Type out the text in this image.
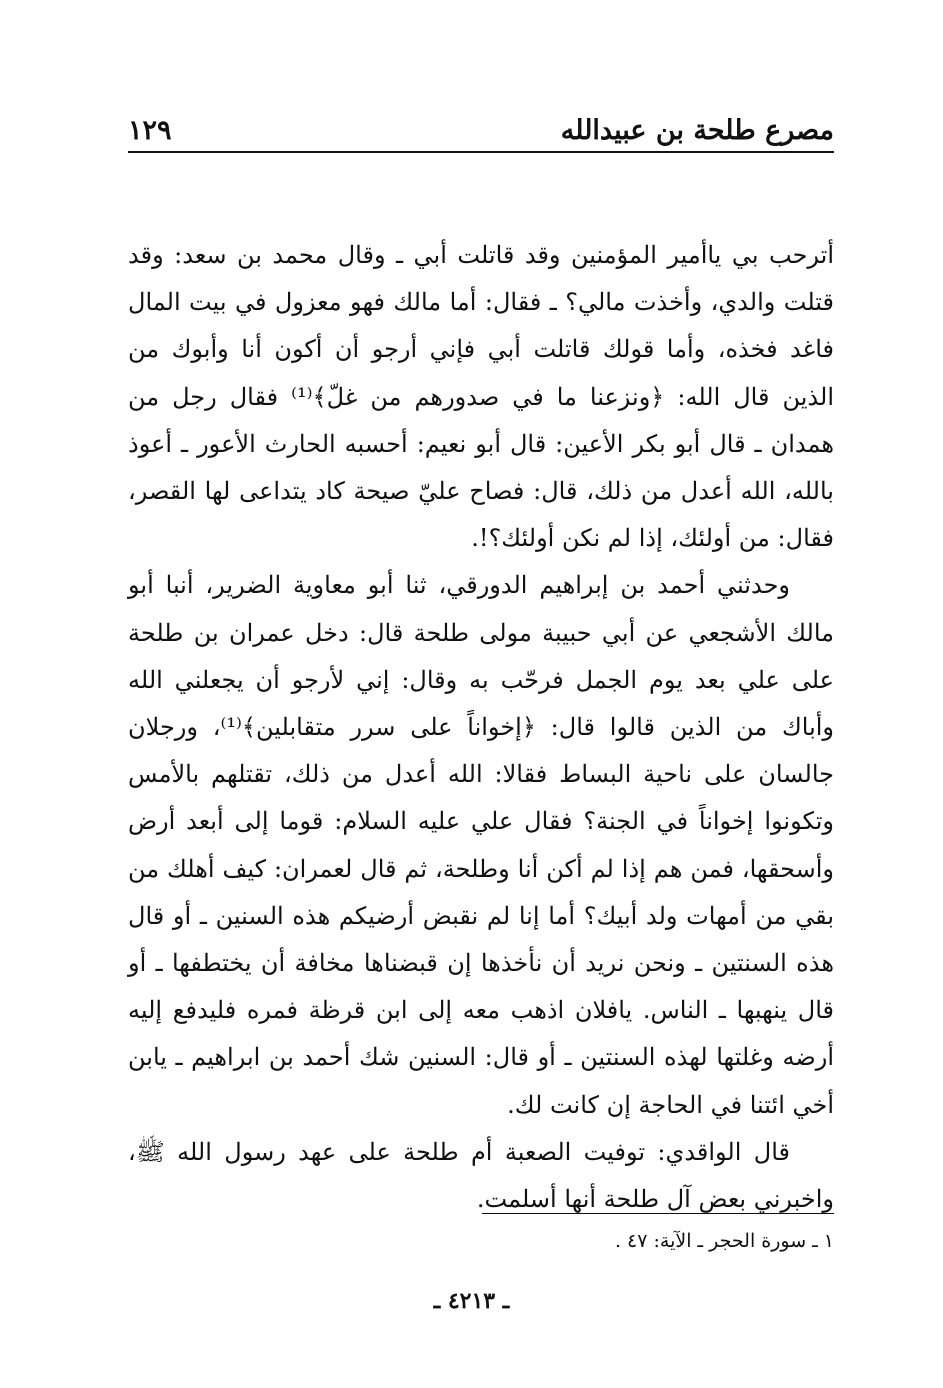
مصرع طلحة بن عبيدالله
١٢٩

أترحب بي ياأمير المؤمنين وقد قاتلت أبي ـ وقال محمد بن سعد: وقد قتلت والدي، وأخذت مالي؟ ـ فقال: أما مالك فهو معزول في بيت المال فاغد فخذه، وأما قولك قاتلت أبي فإني أرجو أن أكون أنا وأبوك من الذين قال الله: ﴿ونزعنا ما في صدورهم من غلّ﴾⁽¹⁾ فقال رجل من همدان ـ قال أبو بكر الأعين: قال أبو نعيم: أحسبه الحارث الأعور ـ أعوذ بالله، الله أعدل من ذلك، قال: فصاح عليّ صيحة كاد يتداعى لها القصر، فقال: من أولئك، إذا لم نكن أولئك؟!.

وحدثني أحمد بن إبراهيم الدورقي، ثنا أبو معاوية الضرير، أنبا أبو مالك الأشجعي عن أبي حبيبة مولى طلحة قال: دخل عمران بن طلحة على علي بعد يوم الجمل فرحّب به وقال: إني لأرجو أن يجعلني الله وأباك من الذين قالوا قال: ﴿إخواناً على سرر متقابلين﴾⁽¹⁾، ورجلان جالسان على ناحية البساط فقالا: الله أعدل من ذلك، تقتلهم بالأمس وتكونوا إخواناً في الجنة؟ فقال علي عليه السلام: قوما إلى أبعد أرض وأسحقها، فمن هم إذا لم أكن أنا وطلحة، ثم قال لعمران: كيف أهلك من بقي من أمهات ولد أبيك؟ أما إنا لم نقبض أرضيكم هذه السنين ـ أو قال هذه السنتين ـ ونحن نريد أن نأخذها إن قبضناها مخافة أن يختطفها ـ أو قال ينهبها ـ الناس. يافلان اذهب معه إلى ابن قرظة فمره فليدفع إليه أرضه وغلتها لهذه السنتين ـ أو قال: السنين شك أحمد بن ابراهيم ـ يابن أخي ائتنا في الحاجة إن كانت لك.

قال الواقدي: توفيت الصعبة أم طلحة على عهد رسول الله ﷺ، واخبرني بعض آل طلحة أنها أسلمت.

١ ـ سورة الحجر ـ الآية: ٤٧ .
ـ ٤٢١٣ ـ
